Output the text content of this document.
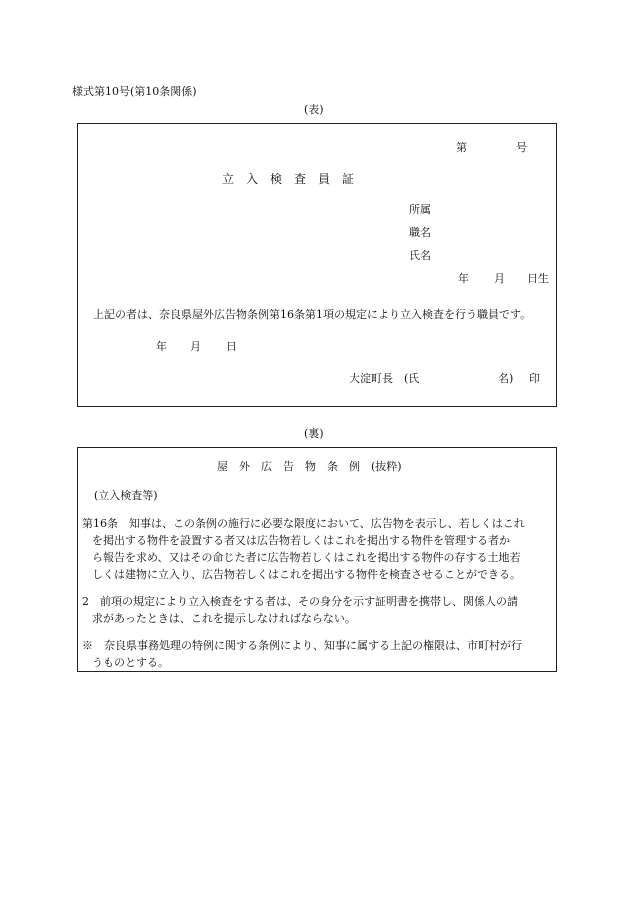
様式第10号(第10条関係)
(表)
第	号
立　入　検　査　員　証
所属
職名
氏名
年 月 日生
上記の者は、奈良県屋外広告物条例第16条第1項の規定により立入検査を行う職員です。
年 月 日
大淀町長 (氏	名) 印
(裏)
屋　外　広　告　物　条　例　(抜粋)
(立入検査等)
第16条　知事は、この条例の施行に必要な限度において、広告物を表示し、若しくはこれ
を掲出する物件を設置する者又は広告物若しくはこれを掲出する物件を管理する者か
ら報告を求め、又はその命じた者に広告物若しくはこれを掲出する物件の存する土地若
しくは建物に立入り、広告物若しくはこれを掲出する物件を検査させることができる。
2　前項の規定により立入検査をする者は、その身分を示す証明書を携帯し、関係人の請
求があったときは、これを提示しなければならない。
※　奈良県事務処理の特例に関する条例により、知事に属する上記の権限は、市町村が行
うものとする。
